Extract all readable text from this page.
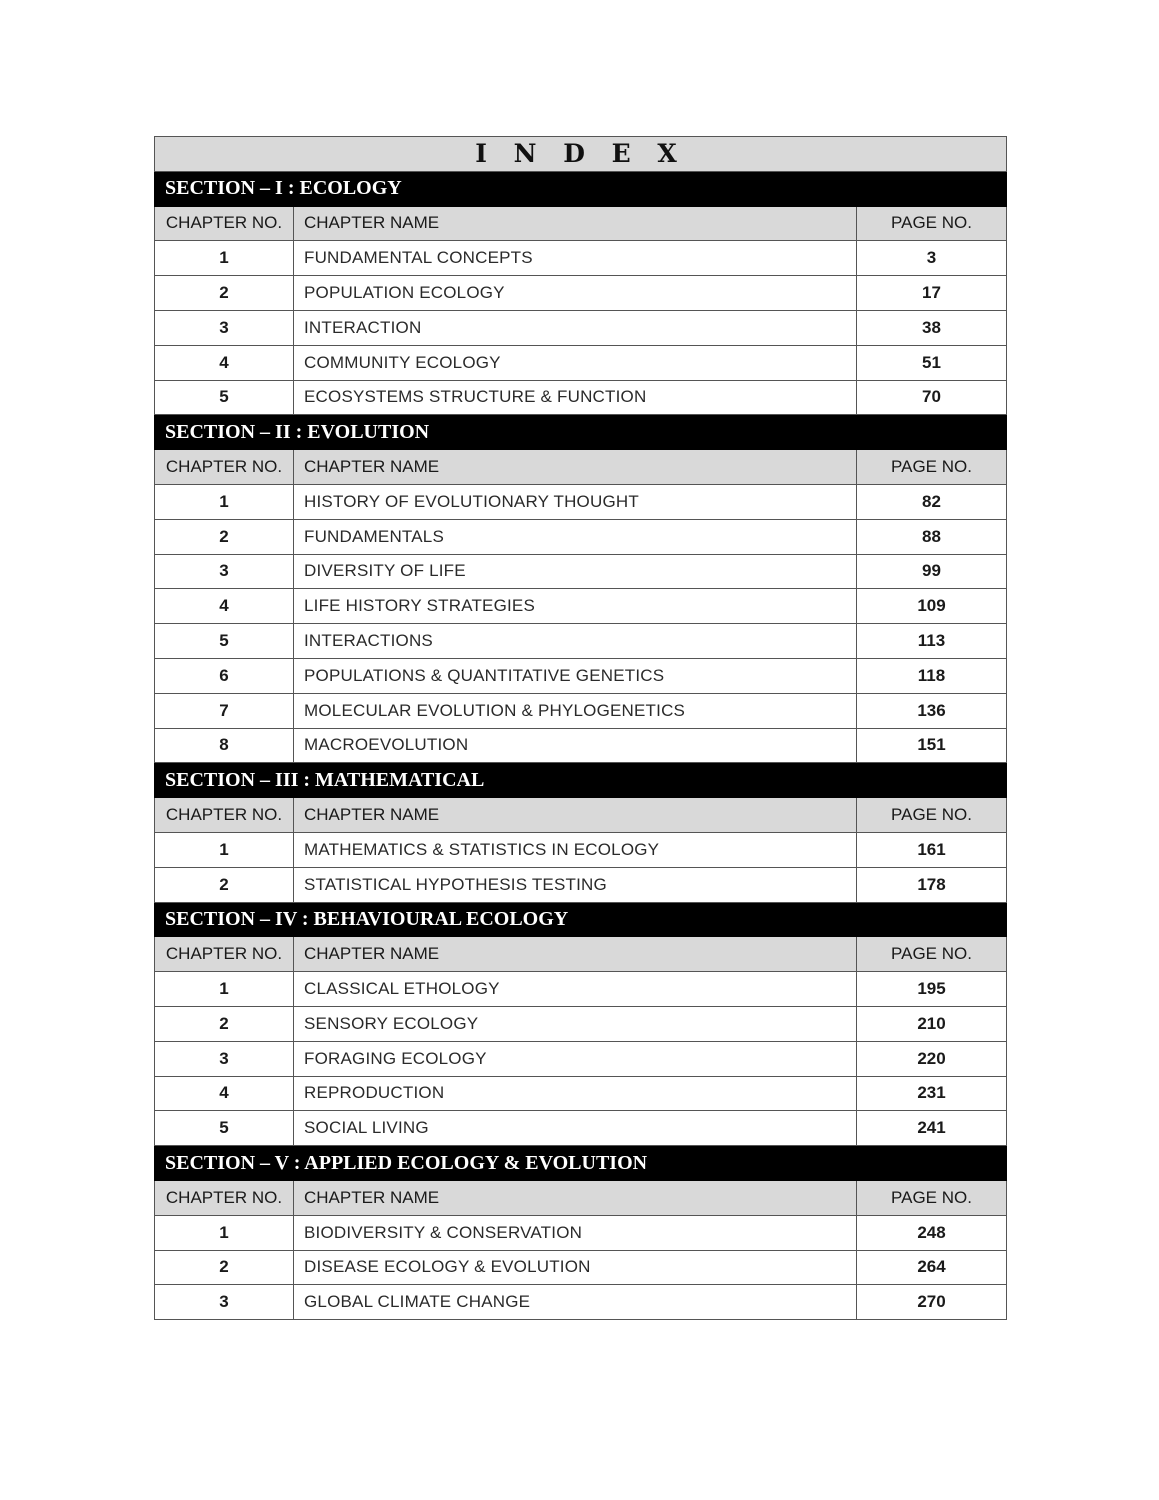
I N D E X		
SECTION – I : ECOLOGY		
CHAPTER NO.	CHAPTER NAME	PAGE NO.
1	FUNDAMENTAL CONCEPTS	3
2	POPULATION ECOLOGY	17
3	INTERACTION	38
4	COMMUNITY ECOLOGY	51
5	ECOSYSTEMS STRUCTURE & FUNCTION	70
SECTION – II : EVOLUTION		
CHAPTER NO.	CHAPTER NAME	PAGE NO.
1	HISTORY OF EVOLUTIONARY THOUGHT	82
2	FUNDAMENTALS	88
3	DIVERSITY OF LIFE	99
4	LIFE HISTORY STRATEGIES	109
5	INTERACTIONS	113
6	POPULATIONS & QUANTITATIVE GENETICS	118
7	MOLECULAR EVOLUTION & PHYLOGENETICS	136
8	MACROEVOLUTION	151
SECTION – III : MATHEMATICAL		
CHAPTER NO.	CHAPTER NAME	PAGE NO.
1	MATHEMATICS & STATISTICS IN ECOLOGY	161
2	STATISTICAL HYPOTHESIS TESTING	178
SECTION – IV : BEHAVIOURAL ECOLOGY		
CHAPTER NO.	CHAPTER NAME	PAGE NO.
1	CLASSICAL ETHOLOGY	195
2	SENSORY ECOLOGY	210
3	FORAGING ECOLOGY	220
4	REPRODUCTION	231
5	SOCIAL LIVING	241
SECTION – V : APPLIED ECOLOGY & EVOLUTION		
CHAPTER NO.	CHAPTER NAME	PAGE NO.
1	BIODIVERSITY & CONSERVATION	248
2	DISEASE ECOLOGY & EVOLUTION	264
3	GLOBAL CLIMATE CHANGE	270
